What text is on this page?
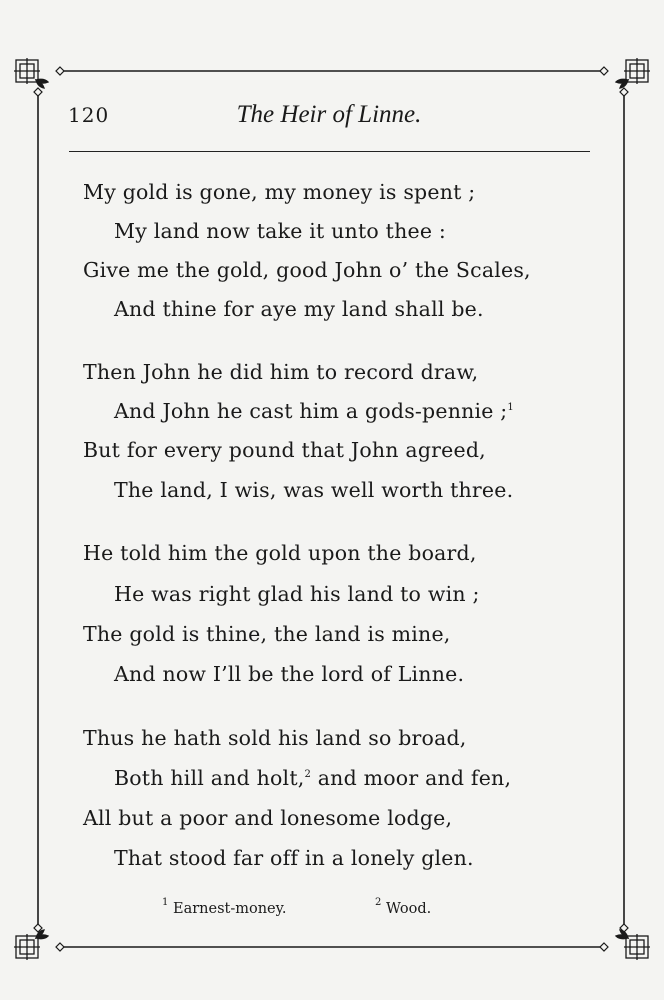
120	The Heir of Linne.
My gold is gone, my money is spent ;
My land now take it unto thee :
Give me the gold, good John o’ the Scales,
And thine for aye my land shall be.
Then John he did him to record draw,
And John he cast him a gods-pennie ;$^1$
But for every pound that John agreed,
The land, I wis, was well worth three.
He told him the gold upon the board,
He was right glad his land to win ;
The gold is thine, the land is mine,
And now I’ll be the lord of Linne.
Thus he hath sold his land so broad,
Both hill and holt,$^2$ and moor and fen,
All but a poor and lonesome lodge,
That stood far off in a lonely glen.
$^1$ Earnest-money.	$^2$ Wood.
